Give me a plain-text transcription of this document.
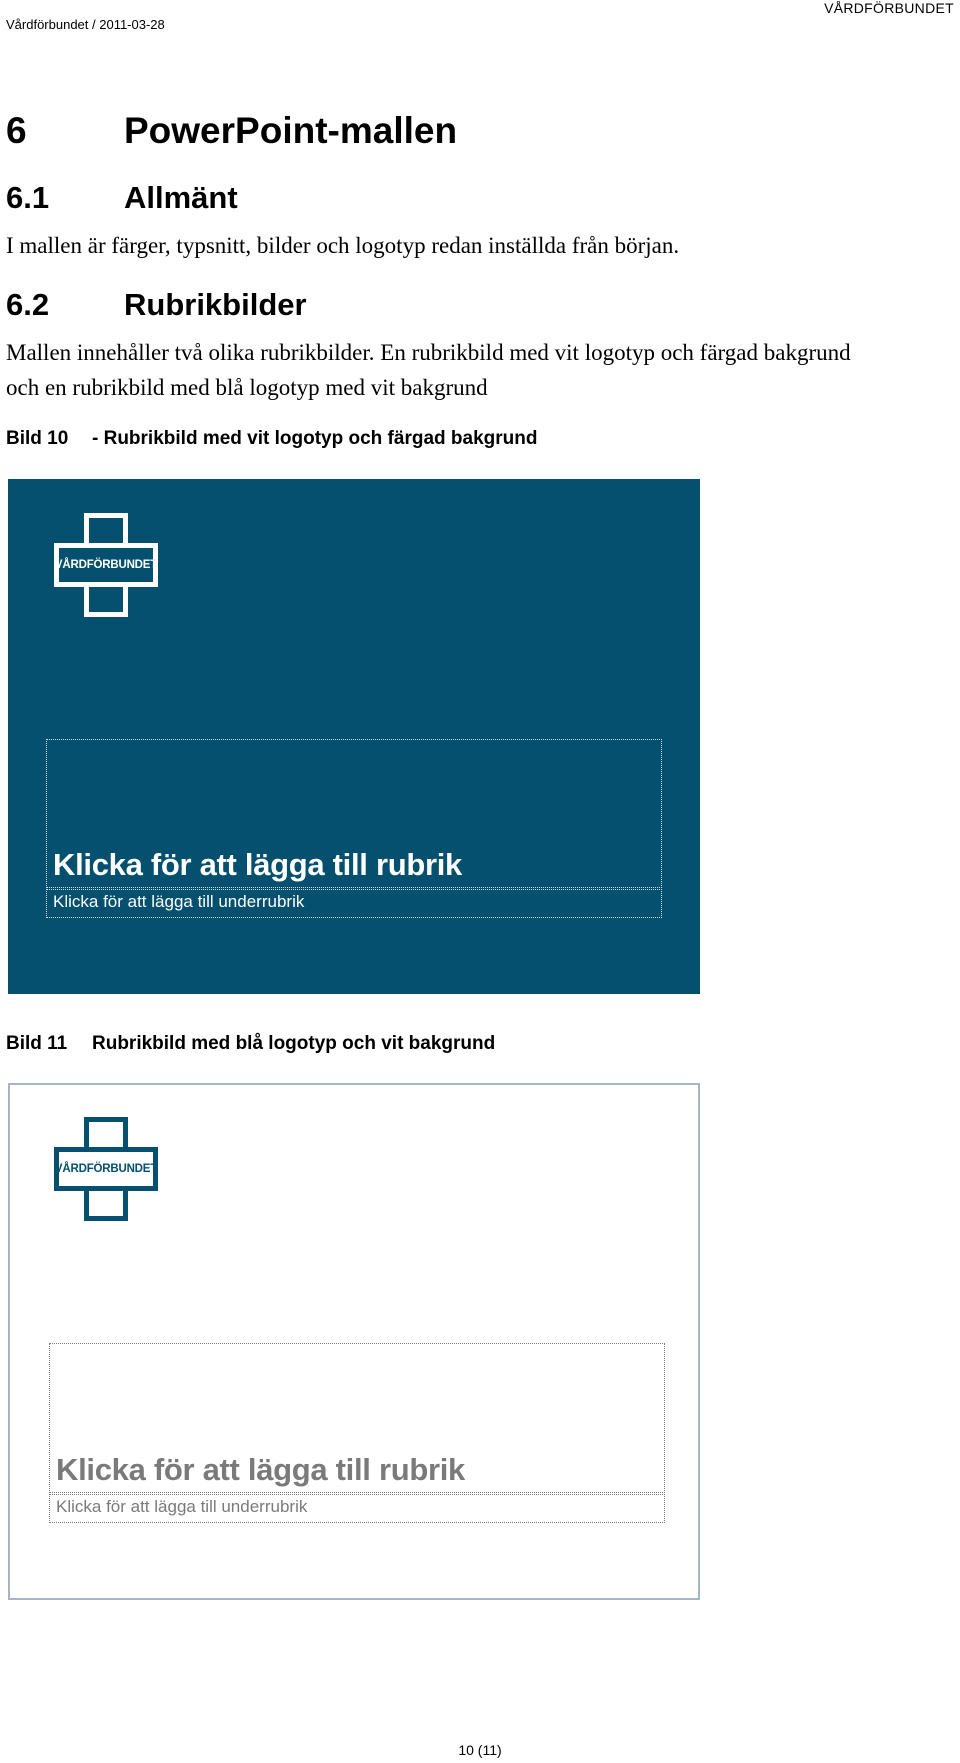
Vårdförbundet / 2011-03-28
VÅRDFÖRBUNDET
6	PowerPoint-mallen
6.1 Allmänt
I mallen är färger, typsnitt, bilder och logotyp redan inställda från början.
6.2 Rubrikbilder
Mallen innehåller två olika rubrikbilder. En rubrikbild med vit logotyp och färgad bakgrund och en rubrikbild med blå logotyp med vit bakgrund
Bild 10 - Rubrikbild med vit logotyp och färgad bakgrund
VÅRDFÖRBUNDET
Klicka för att lägga till rubrik
Klicka för att lägga till underrubrik
Bild 11 Rubrikbild med blå logotyp och vit bakgrund
VÅRDFÖRBUNDET
Klicka för att lägga till rubrik
Klicka för att lägga till underrubrik
10 (11)
